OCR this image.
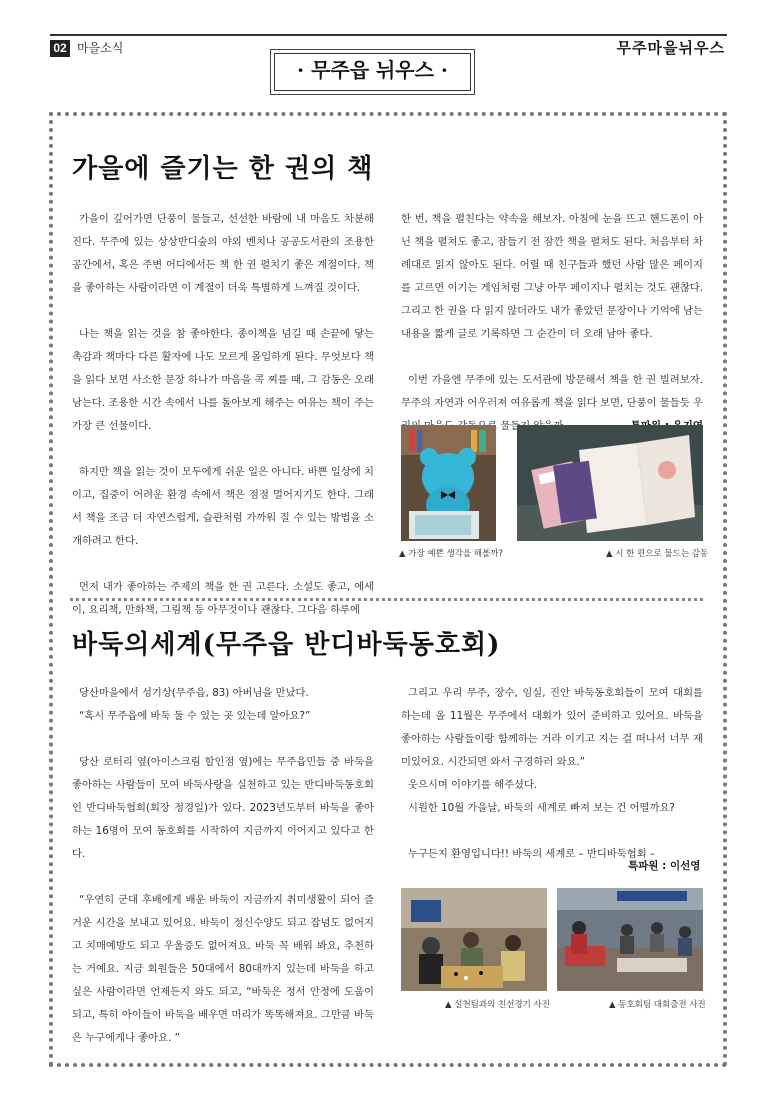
02 마을소식	무주마을뉘우스
· 무주읍 뉘우스 ·
가을에 즐기는 한 권의 책

가을이 깊어가면 단풍이 물들고, 선선한 바람에 내 마음도 차분해진다. 무주에 있는 상상반디숲의 야외 벤치나 공공도서관의 조용한 공간에서, 혹은 주변 어디에서든 책 한 권 펼치기 좋은 계절이다. 책을 좋아하는 사람이라면 이 계절이 더욱 특별하게 느껴질 것이다.

나는 책을 읽는 것을 참 좋아한다. 종이책을 넘길 때 손끝에 닿는 촉감과 책마다 다른 활자에 나도 모르게 몰입하게 된다. 무엇보다 책을 읽다 보면 사소한 문장 하나가 마음을 콕 찌를 때, 그 감동은 오래 남는다. 조용한 시간 속에서 나를 돌아보게 해주는 여유는 책이 주는 가장 큰 선물이다.

하지만 책을 읽는 것이 모두에게 쉬운 일은 아니다. 바쁜 일상에 치이고, 집중이 어려운 환경 속에서 책은 점점 멀어지기도 한다. 그래서 책을 조금 더 자연스럽게, 습관처럼 가까워 질 수 있는 방법을 소개하려고 한다.

먼저 내가 좋아하는 주제의 책을 한 권 고른다. 소설도 좋고, 에세이, 요리책, 만화책, 그림책 등 아무것이나 괜찮다. 그다음 하루에

한 번, 책을 펼친다는 약속을 해보자. 아침에 눈을 뜨고 핸드폰이 아닌 책을 펼쳐도 좋고, 잠들기 전 잠깐 책을 펼쳐도 된다. 처음부터 차례대로 읽지 않아도 된다. 어릴 때 친구들과 했던 사람 많은 페이지를 고르면 이기는 게임처럼 그냥 아무 페이지나 펼치는 것도 괜찮다. 그리고 한 권을 다 읽지 않더라도 내가 좋았던 문장이나 기억에 남는 내용을 짧게 글로 기록하면 그 순간이 더 오래 남아 좋다.

이번 가을엔 무주에 있는 도서관에 방문해서 책을 한 권 빌려보자. 무주의 자연과 어우러져 여유롭게 책을 읽다 보면, 단풍이 물들듯 우 물들지

▲ 가장 예쁜 생각을 해볼까?	▲ 시 한 편으로 물드는 감동
바둑의세계(무주읍 반디바둑동호회)

당산마을에서 성기상(무주읍, 83) 아버님을 만났다.

“혹시 무주읍에 바둑 둘 수 있는 곳 있는데 알아요?”

당산 로터리 옆(아이스크림 할인점 옆)에는 무주읍민들 중 바둑을 좋아하는 사람들이 모여 바둑사랑을 실천하고 있는 반디바둑동호회인 반디바둑협회(회장 정경일)가 있다. 2023년도부터 바둑을 좋아하는 16명이 모여 동호회를 시작하여 지금까지 이어지고 있다고 한다.

“우연히 군대 후배에게 배운 바둑이 지금까지 취미생활이 되어 즐거운 시간을 보내고 있어요. 바둑이 정신수양도 되고 잡념도 없어지고 치매예방도 되고 우울증도 없어져요. 바둑 꼭 배워 봐요, 추천하는 거예요. 지금 회원들은 50대에서 80대까지 있는데 바둑을 하고 싶은 사람이라면 언제든지 와도 되고, “바둑은 정서 안정에 도움이 되고, 특히 아이들이 바둑을 배우면 머리가 똑똑해져요. 그만큼 바둑은 누구에게나 좋아요. ”

그리고 우리 무주, 장수, 임실, 진안 바둑동호회들이 모여 대회를 하는데 올 11월은 무주에서 대회가 있어 준비하고 있어요. 바둑을 좋아하는 사람들이랑 함께하는 거라 이기고 지는 걸 떠나서 너무 재미있어요. 시간되면 와서 구경하러 와요.”

웃으시며 이야기를 해주셨다.

시원한 10월 가을날, 바둑의 세계로 빠져 보는 건 어떨까요?

누구든지 환영입니다!! 바둑의 세계로 – 반디바둑협회 –

특파원 : 이선영
▲ 설천팀과의 친선경기 사진	▲ 동호회팀 대회출전 사진
